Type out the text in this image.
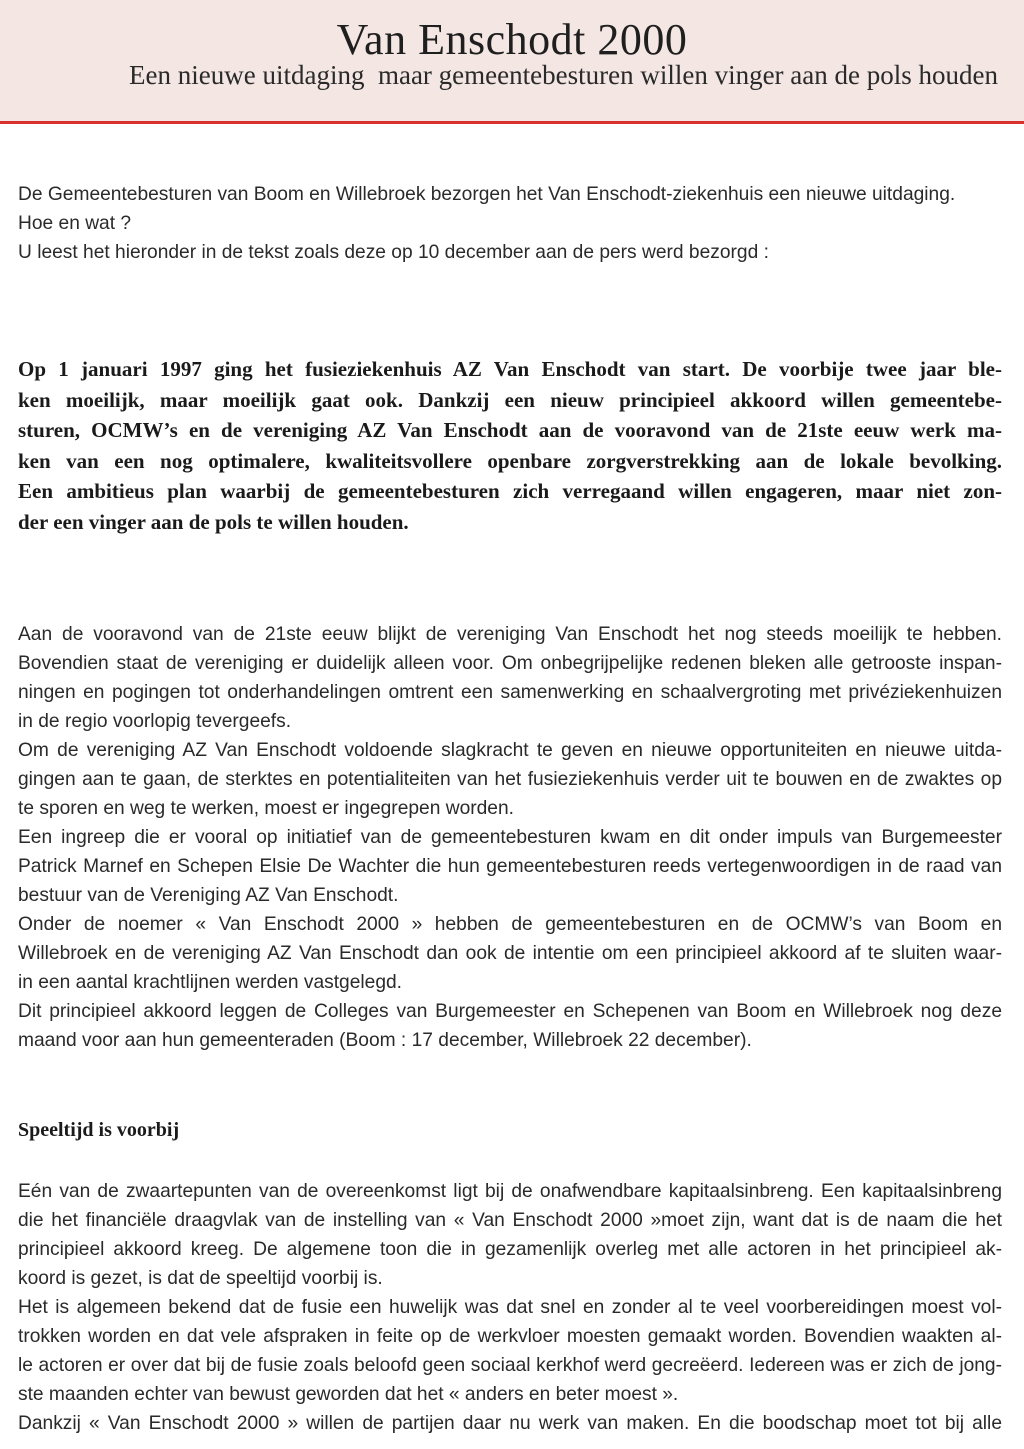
Van Enschodt 2000
Een nieuwe uitdaging  maar gemeentebesturen willen vinger aan de pols houden
De Gemeentebesturen van Boom en Willebroek bezorgen het Van Enschodt-ziekenhuis een nieuwe uitdaging.
Hoe en wat ?
U leest het hieronder in de tekst zoals deze op 10 december aan de pers werd bezorgd :
Op 1 januari 1997 ging het fusieziekenhuis AZ Van Enschodt van start. De voorbije twee jaar ble-
ken moeilijk, maar moeilijk gaat ook. Dankzij een nieuw principieel akkoord willen gemeentebe-
sturen, OCMW’s en de vereniging AZ Van Enschodt aan de vooravond van de 21ste eeuw werk ma-
ken van een nog optimalere, kwaliteitsvollere openbare zorgverstrekking aan de lokale bevolking.
Een ambitieus plan waarbij de gemeentebesturen zich verregaand willen engageren, maar niet zon-
der een vinger aan de pols te willen houden.
Aan de vooravond van de 21ste eeuw blijkt de vereniging Van Enschodt het nog steeds moeilijk te hebben.
Bovendien staat de vereniging er duidelijk alleen voor. Om onbegrijpelijke redenen bleken alle getrooste inspan-
ningen en pogingen tot onderhandelingen omtrent een samenwerking en schaalvergroting met privéziekenhuizen
in de regio voorlopig tevergeefs.
Om de vereniging AZ Van Enschodt voldoende slagkracht te geven en nieuwe opportuniteiten en nieuwe uitda-
gingen aan te gaan, de sterktes en potentialiteiten van het fusieziekenhuis verder uit te bouwen en de zwaktes op
te sporen en weg te werken, moest er ingegrepen worden.
Een ingreep die er vooral op initiatief van de gemeentebesturen kwam en dit onder impuls van Burgemeester
Patrick Marnef en Schepen Elsie De Wachter die hun gemeentebesturen reeds vertegenwoordigen in de raad van
bestuur van de Vereniging AZ Van Enschodt.
Onder de noemer « Van Enschodt 2000 » hebben de gemeentebesturen en de OCMW’s van Boom en
Willebroek en de vereniging AZ Van Enschodt dan ook de intentie om een principieel akkoord af te sluiten waar-
in een aantal krachtlijnen werden vastgelegd.
Dit principieel akkoord leggen de Colleges van Burgemeester en Schepenen van Boom en Willebroek nog deze
maand voor aan hun gemeenteraden (Boom : 17 december, Willebroek 22 december).
Speeltijd is voorbij
Eén van de zwaartepunten van de overeenkomst ligt bij de onafwendbare kapitaalsinbreng. Een kapitaalsinbreng
die het financiële draagvlak van de instelling van « Van Enschodt 2000 »moet zijn, want dat is de naam die het
principieel akkoord kreeg. De algemene toon die in gezamenlijk overleg met alle actoren in het principieel ak-
koord is gezet, is dat de speeltijd voorbij is.
Het is algemeen bekend dat de fusie een huwelijk was dat snel en zonder al te veel voorbereidingen moest vol-
trokken worden en dat vele afspraken in feite op de werkvloer moesten gemaakt worden. Bovendien waakten al-
le actoren er over dat bij de fusie zoals beloofd geen sociaal kerkhof werd gecreëerd. Iedereen was er zich de jong-
ste maanden echter van bewust geworden dat het « anders en beter moest ».
Dankzij « Van Enschodt 2000 » willen de partijen daar nu werk van maken. En die boodschap moet tot bij alle
